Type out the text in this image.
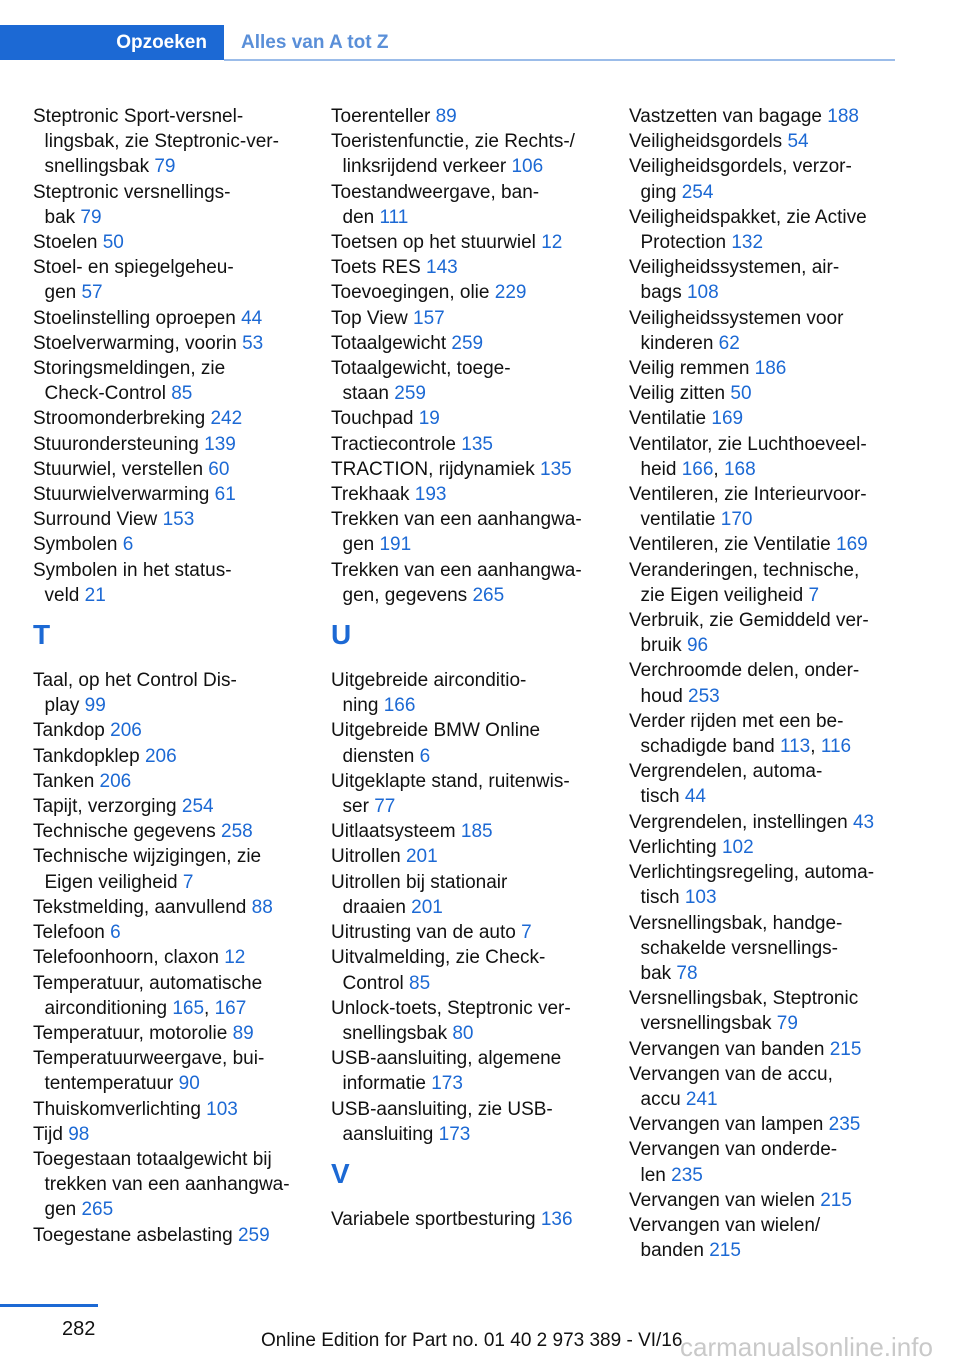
Opzoeken	Alles van A tot Z
Steptronic Sport-versnel-
lingsbak, zie Steptronic-ver-
snellingsbak 79
Steptronic versnellings-
bak 79
Stoelen 50
Stoel- en spiegelgeheu-
gen 57
Stoelinstelling oproepen 44
Stoelverwarming, voorin 53
Storingsmeldingen, zie
Check-Control 85
Stroomonderbreking 242
Stuurondersteuning 139
Stuurwiel, verstellen 60
Stuurwielverwarming 61
Surround View 153
Symbolen 6
Symbolen in het status-
veld 21
T
Taal, op het Control Dis-
play 99
Tankdop 206
Tankdopklep 206
Tanken 206
Tapijt, verzorging 254
Technische gegevens 258
Technische wijzigingen, zie
Eigen veiligheid 7
Tekstmelding, aanvullend 88
Telefoon 6
Telefoonhoorn, claxon 12
Temperatuur, automatische
airconditioning 165, 167
Temperatuur, motorolie 89
Temperatuurweergave, bui-
tentemperatuur 90
Thuiskomverlichting 103
Tijd 98
Toegestaan totaalgewicht bij
trekken van een aanhangwa-
gen 265
Toegestane asbelasting 259
Toerenteller 89
Toeristenfunctie, zie Rechts-/
linksrijdend verkeer 106
Toestandweergave, ban-
den 111
Toetsen op het stuurwiel 12
Toets RES 143
Toevoegingen, olie 229
Top View 157
Totaalgewicht 259
Totaalgewicht, toege-
staan 259
Touchpad 19
Tractiecontrole 135
TRACTION, rijdynamiek 135
Trekhaak 193
Trekken van een aanhangwa-
gen 191
Trekken van een aanhangwa-
gen, gegevens 265
U
Uitgebreide airconditio-
ning 166
Uitgebreide BMW Online
diensten 6
Uitgeklapte stand, ruitenwis-
ser 77
Uitlaatsysteem 185
Uitrollen 201
Uitrollen bij stationair
draaien 201
Uitrusting van de auto 7
Uitvalmelding, zie Check-
Control 85
Unlock-toets, Steptronic ver-
snellingsbak 80
USB-aansluiting, algemene
informatie 173
USB-aansluiting, zie USB-
aansluiting 173
V
Variabele sportbesturing 136
Vastzetten van bagage 188
Veiligheidsgordels 54
Veiligheidsgordels, verzor-
ging 254
Veiligheidspakket, zie Active
Protection 132
Veiligheidssystemen, air-
bags 108
Veiligheidssystemen voor
kinderen 62
Veilig remmen 186
Veilig zitten 50
Ventilatie 169
Ventilator, zie Luchthoeveel-
heid 166, 168
Ventileren, zie Interieurvoor-
ventilatie 170
Ventileren, zie Ventilatie 169
Veranderingen, technische,
zie Eigen veiligheid 7
Verbruik, zie Gemiddeld ver-
bruik 96
Verchroomde delen, onder-
houd 253
Verder rijden met een be-
schadigde band 113, 116
Vergrendelen, automa-
tisch 44
Vergrendelen, instellingen 43
Verlichting 102
Verlichtingsregeling, automa-
tisch 103
Versnellingsbak, handge-
schakelde versnellings-
bak 78
Versnellingsbak, Steptronic
versnellingsbak 79
Vervangen van banden 215
Vervangen van de accu,
accu 241
Vervangen van lampen 235
Vervangen van onderde-
len 235
Vervangen van wielen 215
Vervangen van wielen/
banden 215
282
Online Edition for Part no. 01 40 2 973 389 - VI/16
carmanualsonline.info
